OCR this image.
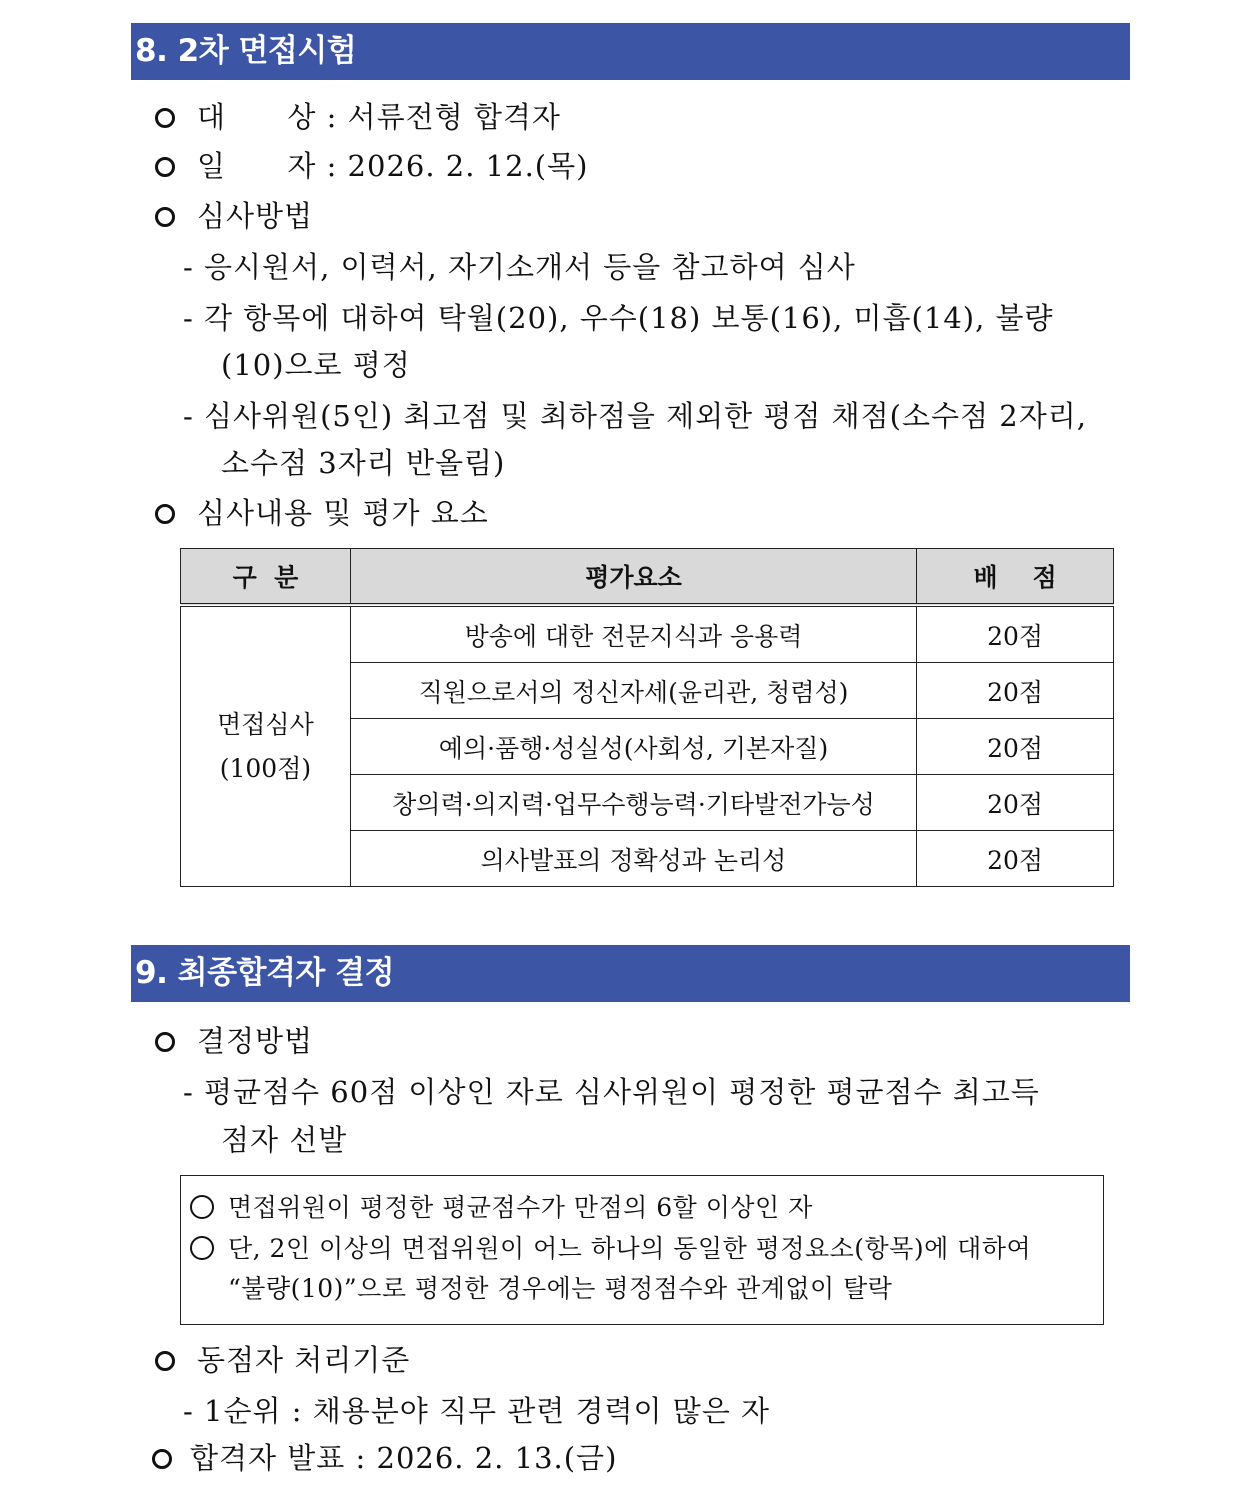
8. 2차 면접시험
대      상 : 서류전형 합격자
일      자 : 2026. 2. 12.(목)
심사방법
- 응시원서, 이력서, 자기소개서 등을 참고하여 심사
- 각 항목에 대하여 탁월(20), 우수(18) 보통(16), 미흡(14), 불량
(10)으로 평정
- 심사위원(5인) 최고점 및 최하점을 제외한 평점 채점(소수점 2자리,
소수점 3자리 반올림)
심사내용 및 평가 요소
구  분	평가요소	배    점

면접심사
(100점)	방송에 대한 전문지식과 응용력	20점
	직원으로서의 정신자세(윤리관, 청렴성)	20점
	예의·품행·성실성(사회성, 기본자질)	20점
	창의력·의지력·업무수행능력·기타발전가능성	20점
	의사발표의 정확성과 논리성	20점
9. 최종합격자 결정
결정방법
- 평균점수 60점 이상인 자로 심사위원이 평정한 평균점수 최고득
점자 선발
면접위원이 평정한 평균점수가 만점의 6할 이상인 자
단, 2인 이상의 면접위원이 어느 하나의 동일한 평정요소(항목)에 대하여
“불량(10)”으로 평정한 경우에는 평정점수와 관계없이 탈락
동점자 처리기준
- 1순위 : 채용분야 직무 관련 경력이 많은 자
합격자 발표 : 2026. 2. 13.(금)
